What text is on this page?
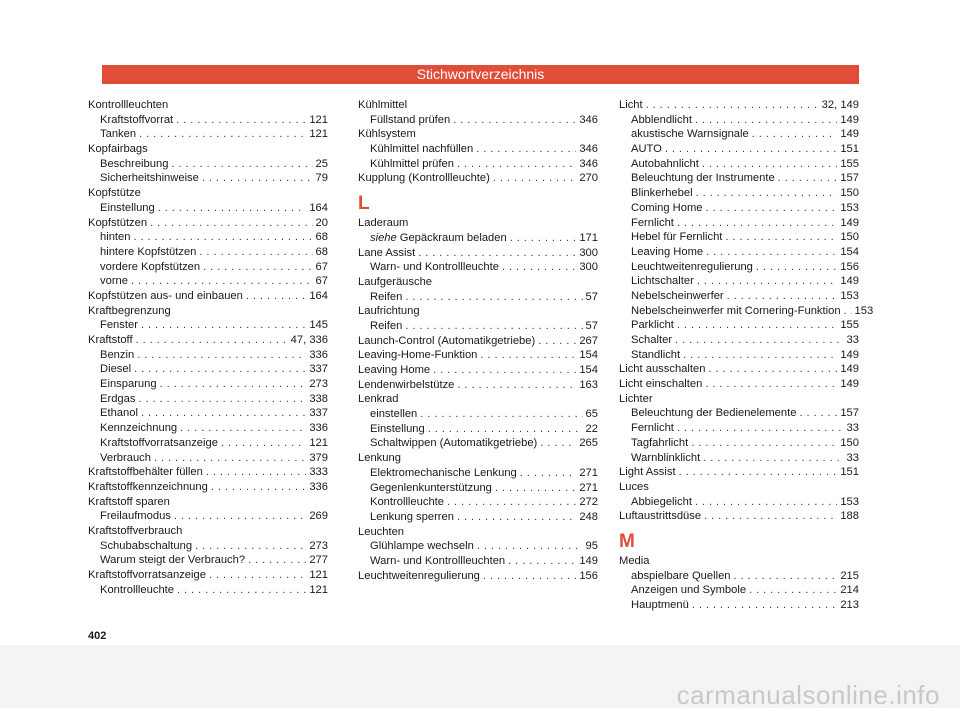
Stichwortverzeichnis
Kontrollleuchten
Kraftstoffvorrat . . .	121
Tanken . . .	121
Kopfairbags
Beschreibung . . .	25
Sicherheitshinweise . . .	79
Kopfstütze
Einstellung . . .	164
Kopfstützen . . .	20
hinten . . .	68
hintere Kopfstützen . . .	68
vordere Kopfstützen . . .	67
vorne . . .	67
Kopfstützen aus- und einbauen . . .	164
Kraftbegrenzung
Fenster . . .	145
Kraftstoff . . .	47, 336
Benzin . . .	336
Diesel . . .	337
Einsparung . . .	273
Erdgas . . .	338
Ethanol . . .	337
Kennzeichnung . . .	336
Kraftstoffvorratsanzeige . . .	121
Verbrauch . . .	379
Kraftstoffbehälter füllen . . .	333
Kraftstoffkennzeichnung . . .	336
Kraftstoff sparen
Freilaufmodus . . .	269
Kraftstoffverbrauch
Schubabschaltung . . .	273
Warum steigt der Verbrauch? . . .	277
Kraftstoffvorratsanzeige . . .	121
Kontrollleuchte . . .	121
Kühlmittel
Füllstand prüfen . . .	346
Kühlsystem
Kühlmittel nachfüllen . . .	346
Kühlmittel prüfen . . .	346
Kupplung (Kontrollleuchte) . . .	270
L
Laderaum
siehe Gepäckraum beladen . . .	171
Lane Assist . . .	300
Warn- und Kontrollleuchte . . .	300
Laufgeräusche
Reifen . . .	57
Laufrichtung
Reifen . . .	57
Launch-Control (Automatikgetriebe) . . .	267
Leaving-Home-Funktion . . .	154
Leaving Home . . .	154
Lendenwirbelstütze . . .	163
Lenkrad
einstellen . . .	65
Einstellung . . .	22
Schaltwippen (Automatikgetriebe) . . .	265
Lenkung
Elektromechanische Lenkung . . .	271
Gegenlenkunterstützung . . .	271
Kontrollleuchte . . .	272
Lenkung sperren . . .	248
Leuchten
Glühlampe wechseln . . .	95
Warn- und Kontrollleuchten . . .	149
Leuchtweitenregulierung . . .	156
Licht . . .	32, 149
Abblendlicht . . .	149
akustische Warnsignale . . .	149
AUTO . . .	151
Autobahnlicht . . .	155
Beleuchtung der Instrumente . . .	157
Blinkerhebel . . .	150
Coming Home . . .	153
Fernlicht . . .	149
Hebel für Fernlicht . . .	150
Leaving Home . . .	154
Leuchtweitenregulierung . . .	156
Lichtschalter . . .	149
Nebelscheinwerfer . . .	153
Nebelscheinwerfer mit Cornering-Funktion . . . 153
Parklicht . . .	155
Schalter . . .	33
Standlicht . . .	149
Licht ausschalten . . .	149
Licht einschalten . . .	149
Lichter
Beleuchtung der Bedienelemente . . .	157
Fernlicht . . .	33
Tagfahrlicht . . .	150
Warnblinklicht . . .	33
Light Assist . . .	151
Luces
Abbiegelicht . . .	153
Luftaustrittsdüse . . .	188
M
Media
abspielbare Quellen . . .	215
Anzeigen und Symbole . . .	214
Hauptmenü . . .	213
402
carmanualsonline.info
